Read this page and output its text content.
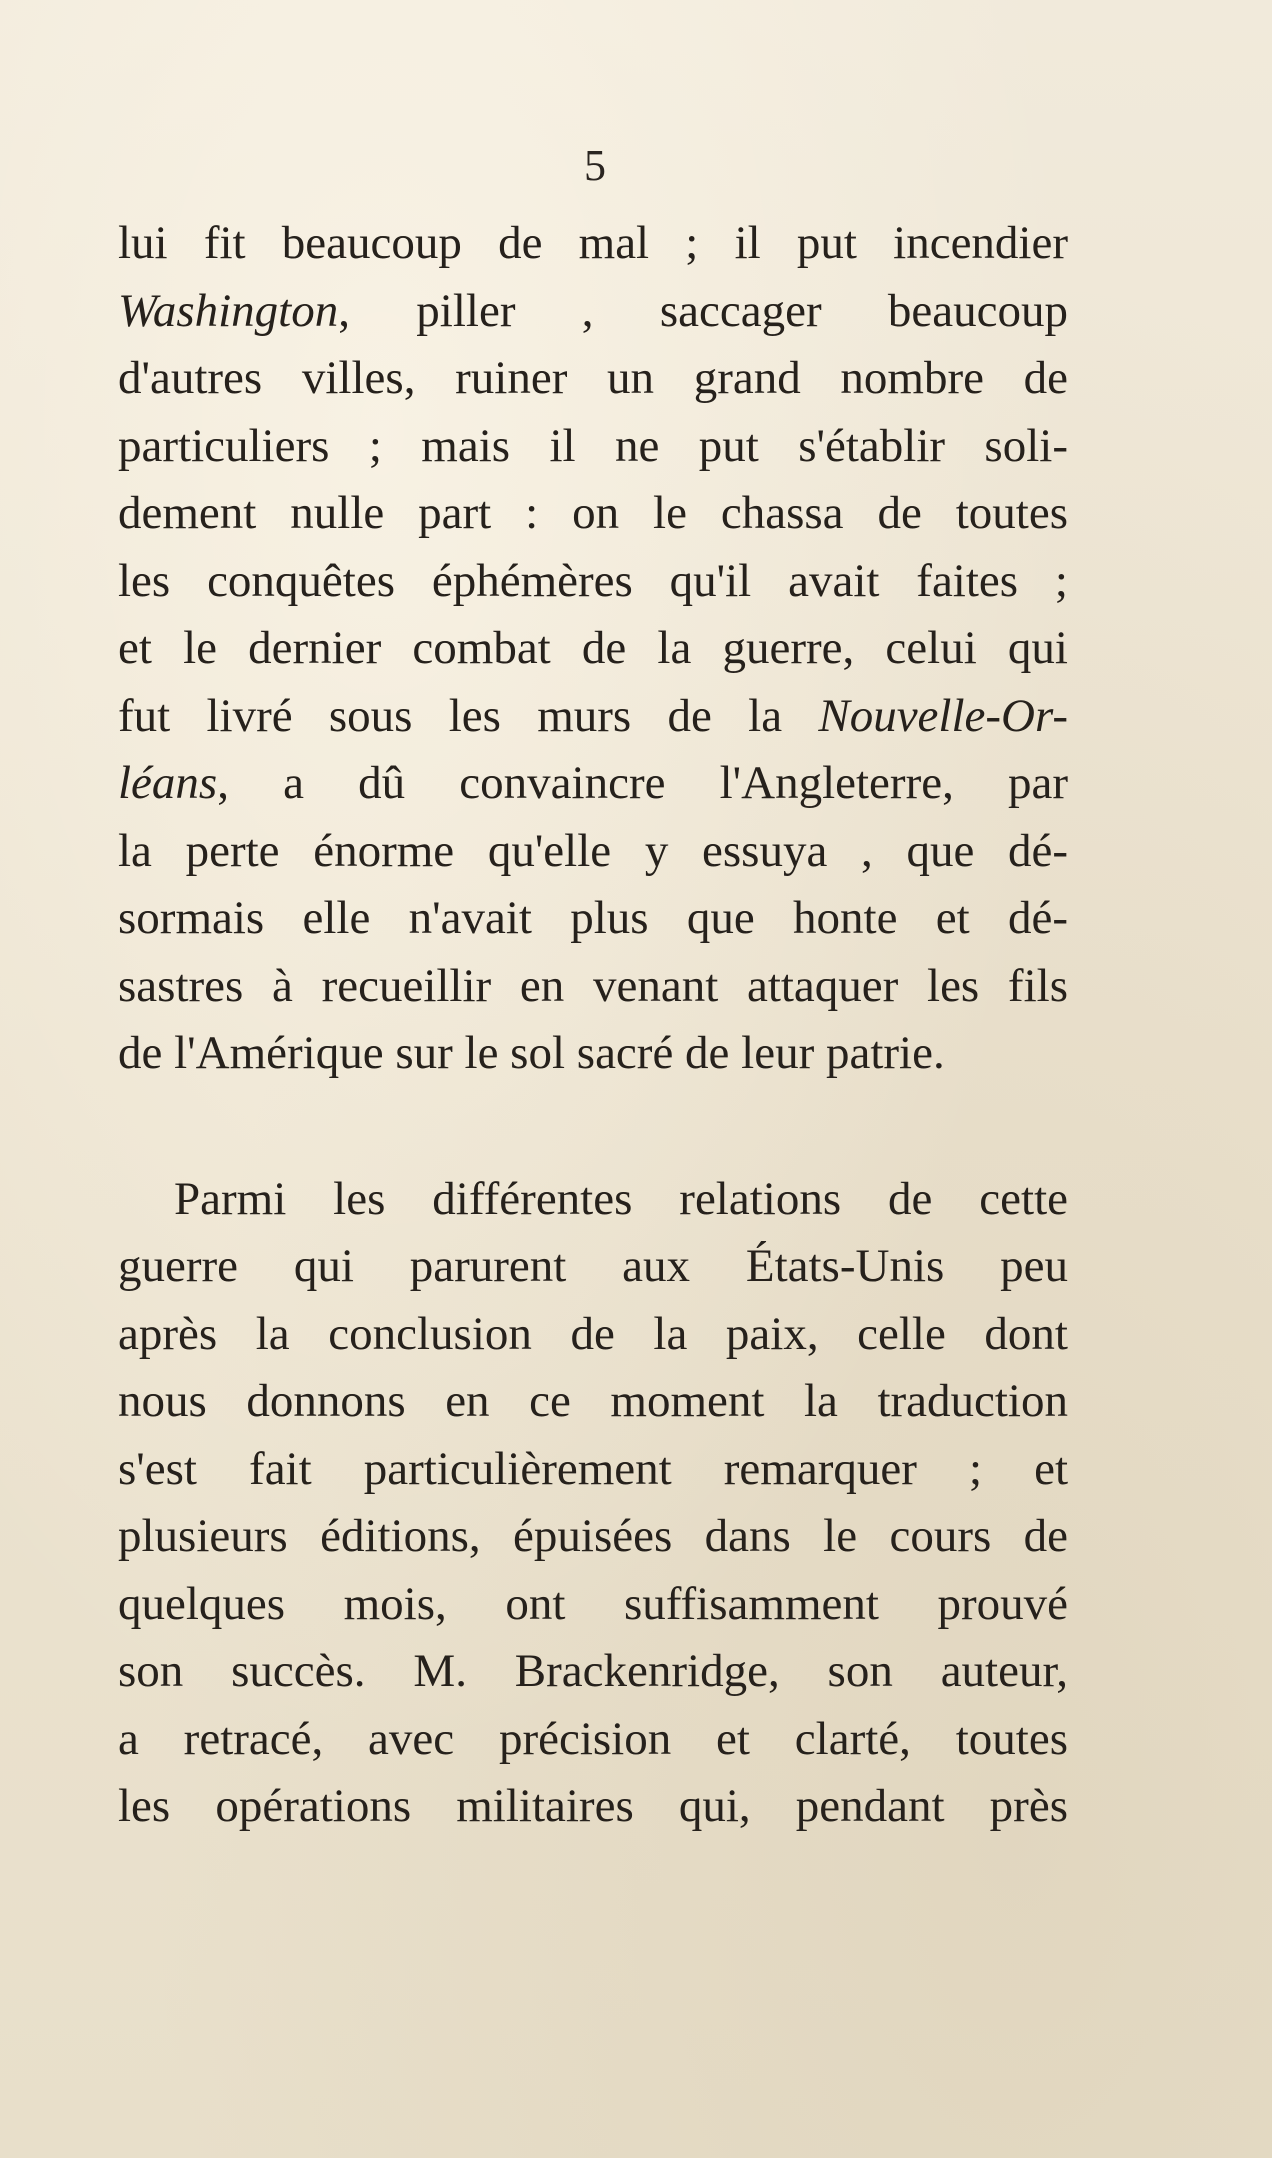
5
lui fit beaucoup de mal ; il put incendier
Washington, piller , saccager beaucoup
d'autres villes, ruiner un grand nombre de
particuliers ; mais il ne put s'établir soli-
dement nulle part : on le chassa de toutes
les conquêtes éphémères qu'il avait faites ;
et le dernier combat de la guerre, celui qui
fut livré sous les murs de la Nouvelle-Or-
léans, a dû convaincre l'Angleterre, par
la perte énorme qu'elle y essuya , que dé-
sormais elle n'avait plus que honte et dé-
sastres à recueillir en venant attaquer les fils
de l'Amérique sur le sol sacré de leur patrie.
Parmi les différentes relations de cette
guerre qui parurent aux États-Unis peu
après la conclusion de la paix, celle dont
nous donnons en ce moment la traduction
s'est fait particulièrement remarquer ; et
plusieurs éditions, épuisées dans le cours de
quelques mois, ont suffisamment prouvé
son succès. M. Brackenridge, son auteur,
a retracé, avec précision et clarté, toutes
les opérations militaires qui, pendant près
